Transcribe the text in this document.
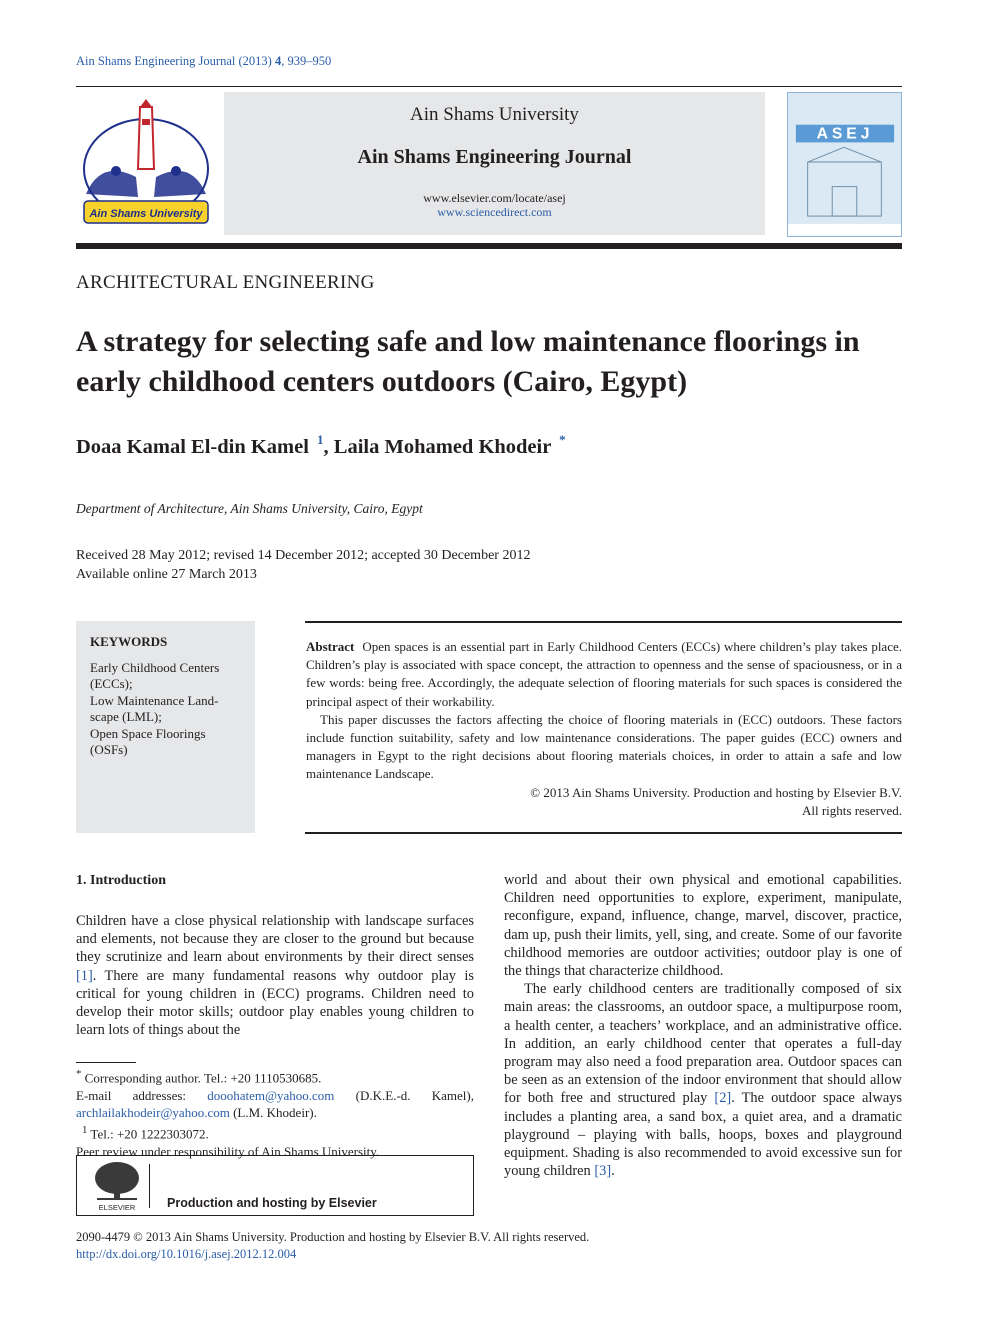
Ain Shams Engineering Journal (2013) 4, 939–950
Ain Shams University
Ain Shams University
Ain Shams Engineering Journal
www.elsevier.com/locate/asej
www.sciencedirect.com
ASEJ
ARCHITECTURAL ENGINEERING
A strategy for selecting safe and low maintenance floorings in early childhood centers outdoors (Cairo, Egypt)
Doaa Kamal El-din Kamel $^1$, Laila Mohamed Khodeir *
Department of Architecture, Ain Shams University, Cairo, Egypt
Received 28 May 2012; revised 14 December 2012; accepted 30 December 2012
Available online 27 March 2013
KEYWORDS
Early Childhood Centers (ECCs);
Low Maintenance Land-scape (LML);
Open Space Floorings (OSFs)

Abstract Open spaces is an essential part in Early Childhood Centers (ECCs) where children’s play takes place. Children’s play is associated with space concept, the attraction to openness and the sense of spaciousness, or in a few words: being free. Accordingly, the adequate selection of flooring materials for such spaces is considered the principal aspect of their workability.

This paper discusses the factors affecting the choice of flooring materials in (ECC) outdoors. These factors include function suitability, safety and low maintenance considerations. The paper guides (ECC) owners and managers in Egypt to the right decisions about flooring materials choices, in order to attain a safe and low maintenance Landscape.

© 2013 Ain Shams University. Production and hosting by Elsevier B.V.

All rights reserved.

1. Introduction

Children have a close physical relationship with landscape surfaces and elements, not because they are closer to the ground but because they scrutinize and learn about environments by their direct senses [1]. There are many fundamental reasons why outdoor play is critical for young children in (ECC) programs. Children need to develop their motor skills; outdoor play enables young children to learn lots of things about the

world and about their own physical and emotional capabilities. Children need opportunities to explore, experiment, manipulate, reconfigure, expand, influence, change, marvel, discover, practice, dam up, push their limits, yell, sing, and create. Some of our favorite childhood memories are outdoor activities; outdoor play is one of the things that characterize childhood.

The early childhood centers are traditionally composed of six main areas: the classrooms, an outdoor space, a multipurpose room, a health center, a teachers’ workplace, and an administrative office. In addition, an early childhood center that operates a full-day program may also need a food preparation area. Outdoor spaces can be seen as an extension of the indoor environment that should allow for both free and structured play [2]. The outdoor space always includes a planting area, a sand box, a quiet area, and a dramatic playground – playing with balls, hoops, boxes and playground equipment. Shading is also recommended to avoid excessive sun for young children [3].

* Corresponding author. Tel.: +20 1110530685.
E-mail addresses: dooohatem@yahoo.com (D.K.E.-d. Kamel), archlailakhodeir@yahoo.com (L.M. Khodeir).
$^1$ Tel.: +20 1222303072.
Peer review under responsibility of Ain Shams University.
ELSEVIER	Production and hosting by Elsevier
2090-4479 © 2013 Ain Shams University. Production and hosting by Elsevier B.V. All rights reserved.
http://dx.doi.org/10.1016/j.asej.2012.12.004
